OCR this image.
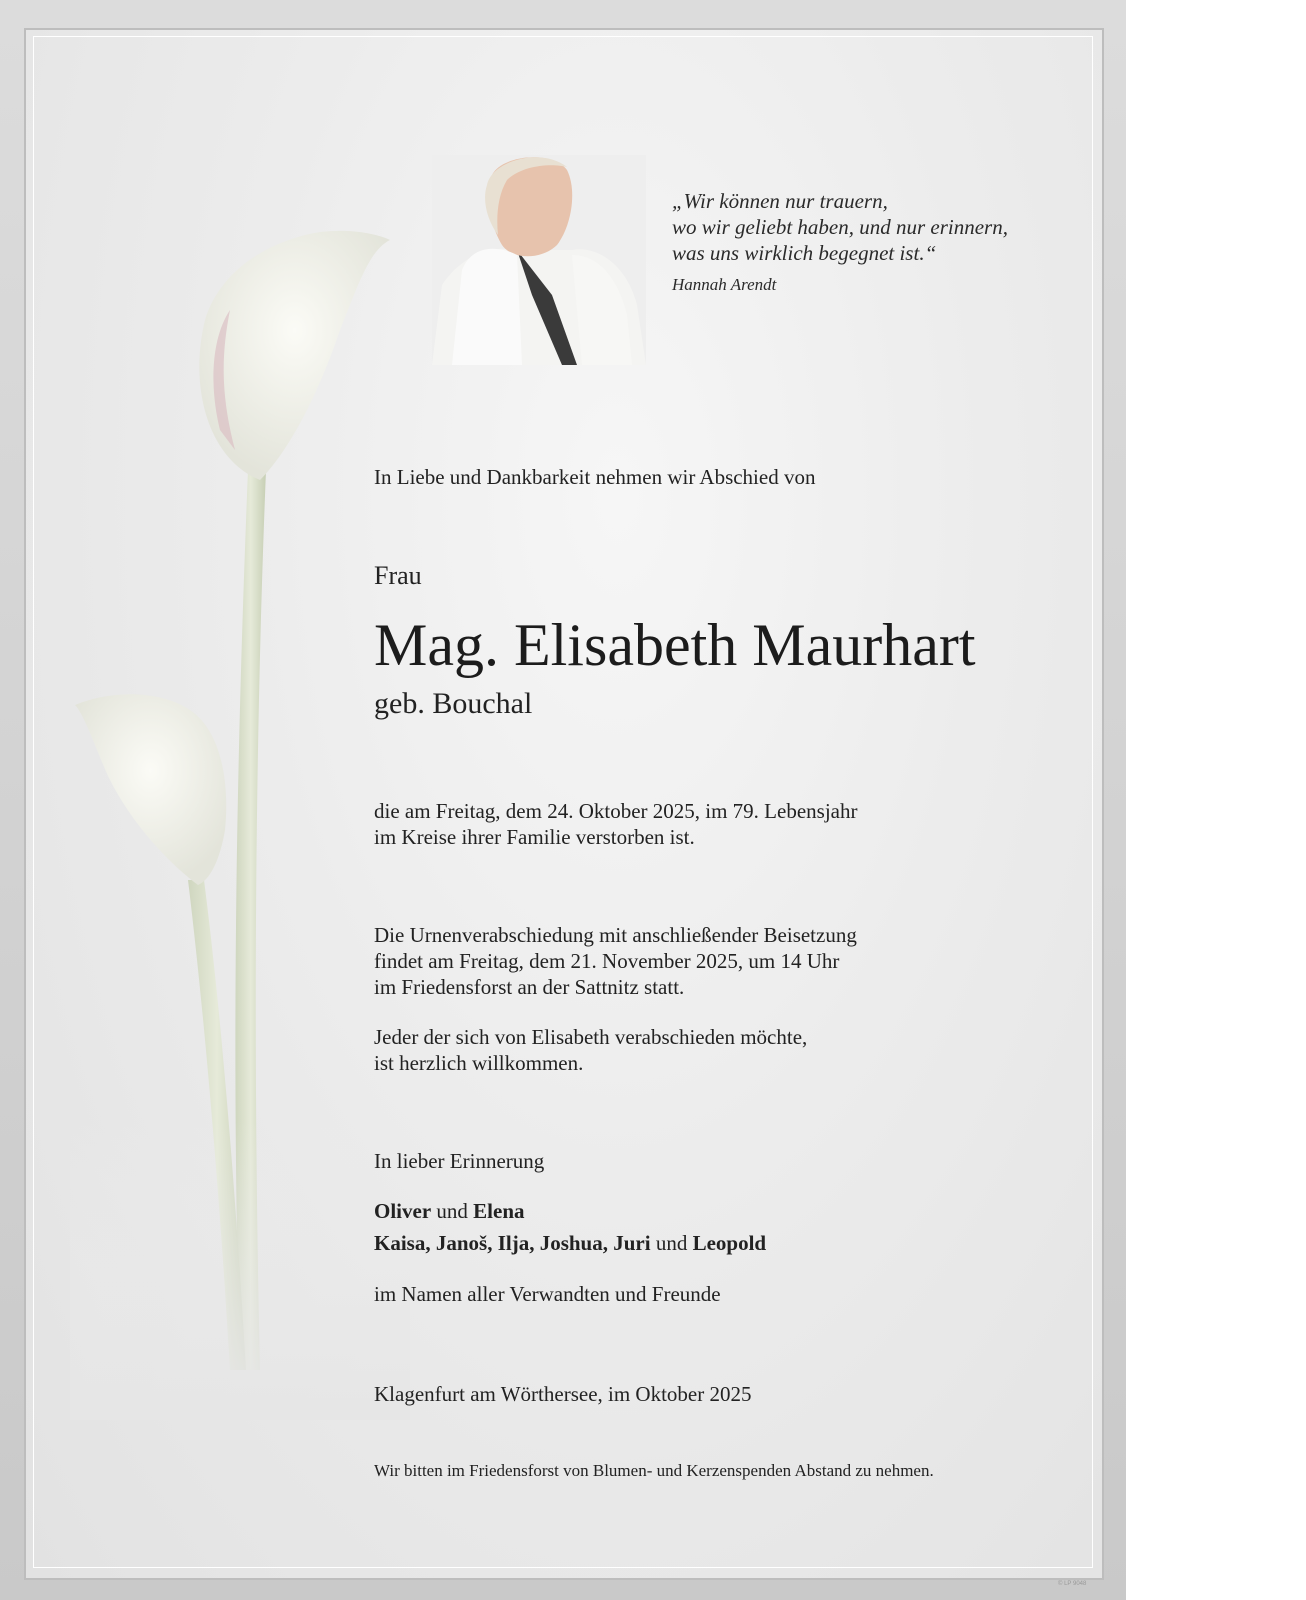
„Wir können nur trauern,
wo wir geliebt haben, und nur erinnern,
was uns wirklich begegnet ist.“
Hannah Arendt
In Liebe und Dankbarkeit nehmen wir Abschied von
Frau
Mag. Elisabeth Maurhart
geb. Bouchal
die am Freitag, dem 24. Oktober 2025, im 79. Lebensjahr
im Kreise ihrer Familie verstorben ist.
Die Urnenverabschiedung mit anschließender Beisetzung
findet am Freitag, dem 21. November 2025, um 14 Uhr
im Friedensforst an der Sattnitz statt.
Jeder der sich von Elisabeth verabschieden möchte,
ist herzlich willkommen.
In lieber Erinnerung
Oliver und Elena
Kaisa, Janoš, Ilja, Joshua, Juri und Leopold
im Namen aller Verwandten und Freunde
Klagenfurt am Wörthersee, im Oktober 2025
Wir bitten im Friedensforst von Blumen- und Kerzenspenden Abstand zu nehmen.
© LP 9048
